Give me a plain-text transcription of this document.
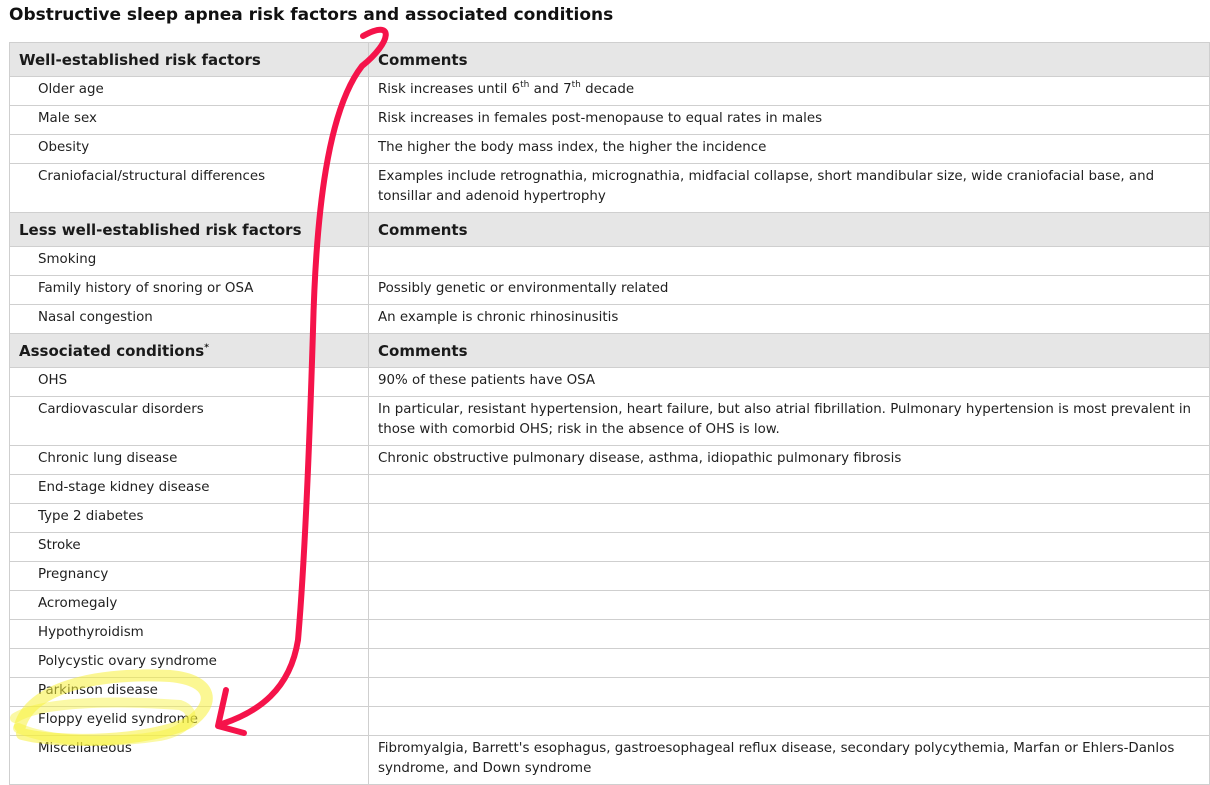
Obstructive sleep apnea risk factors and associated conditions
Well-established risk factors	Comments
Older age	Risk increases until 6th and 7th decade
Male sex	Risk increases in females post-menopause to equal rates in males
Obesity	The higher the body mass index, the higher the incidence
Craniofacial/structural differences	Examples include retrognathia, micrognathia, midfacial collapse, short mandibular size, wide craniofacial base, and tonsillar and adenoid hypertrophy
Less well-established risk factors	Comments
Smoking	
Family history of snoring or OSA	Possibly genetic or environmentally related
Nasal congestion	An example is chronic rhinosinusitis
Associated conditions*	Comments
OHS	90% of these patients have OSA
Cardiovascular disorders	In particular, resistant hypertension, heart failure, but also atrial fibrillation. Pulmonary hypertension is most prevalent in those with comorbid OHS; risk in the absence of OHS is low.
Chronic lung disease	Chronic obstructive pulmonary disease, asthma, idiopathic pulmonary fibrosis
End-stage kidney disease	
Type 2 diabetes	
Stroke	
Pregnancy	
Acromegaly	
Hypothyroidism	
Polycystic ovary syndrome	
Parkinson disease	
Floppy eyelid syndrome	
Miscellaneous	Fibromyalgia, Barrett's esophagus, gastroesophageal reflux disease, secondary polycythemia, Marfan or Ehlers-Danlos syndrome, and Down syndrome
